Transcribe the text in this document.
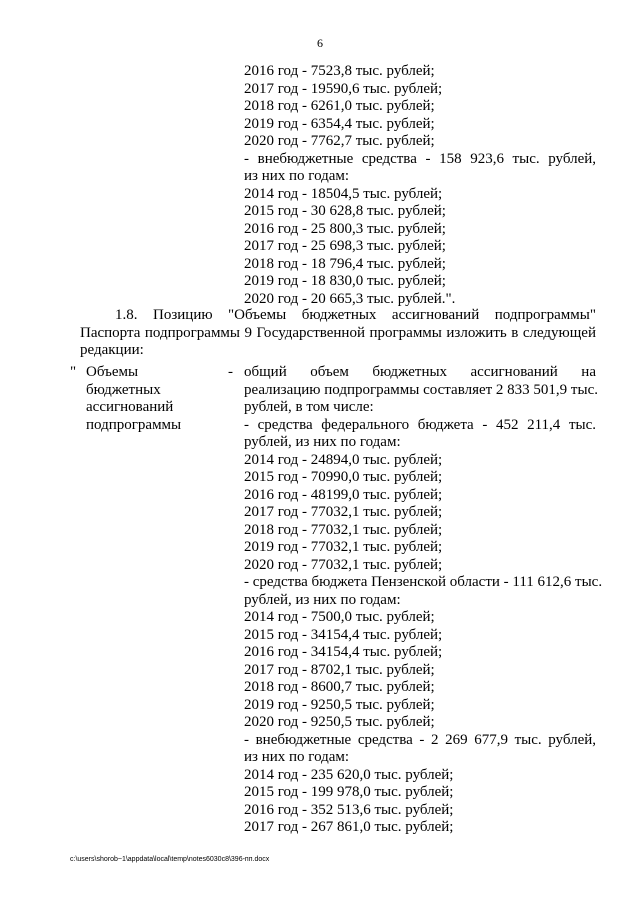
6
2016 год - 7523,8 тыс. рублей;
2017 год - 19590,6 тыс. рублей;
2018 год - 6261,0 тыс. рублей;
2019 год - 6354,4 тыс. рублей;
2020 год - 7762,7 тыс. рублей;
- внебюджетные средства - 158 923,6 тыс. рублей,
из них по годам:
2014 год - 18504,5 тыс. рублей;
2015 год - 30 628,8 тыс. рублей;
2016 год - 25 800,3 тыс. рублей;
2017 год - 25 698,3 тыс. рублей;
2018 год - 18 796,4 тыс. рублей;
2019 год - 18 830,0 тыс. рублей;
2020 год - 20 665,3 тыс. рублей.".
1.8. Позицию "Объемы бюджетных ассигнований подпрограммы"
Паспорта подпрограммы 9 Государственной программы изложить в следующей
редакции:
" Объемы
бюджетных
ассигнований
подпрограммы
- общий объем бюджетных ассигнований на
реализацию подпрограммы составляет 2 833 501,9 тыс.
рублей, в том числе:
- средства федерального бюджета - 452 211,4 тыс.
рублей, из них по годам:
2014 год - 24894,0 тыс. рублей;
2015 год - 70990,0 тыс. рублей;
2016 год - 48199,0 тыс. рублей;
2017 год - 77032,1 тыс. рублей;
2018 год - 77032,1 тыс. рублей;
2019 год - 77032,1 тыс. рублей;
2020 год - 77032,1 тыс. рублей;
- средства бюджета Пензенской области - 111 612,6 тыс.
рублей, из них по годам:
2014 год - 7500,0 тыс. рублей;
2015 год - 34154,4 тыс. рублей;
2016 год - 34154,4 тыс. рублей;
2017 год - 8702,1 тыс. рублей;
2018 год - 8600,7 тыс. рублей;
2019 год - 9250,5 тыс. рублей;
2020 год - 9250,5 тыс. рублей;
- внебюджетные средства - 2 269 677,9 тыс. рублей,
из них по годам:
2014 год - 235 620,0 тыс. рублей;
2015 год - 199 978,0 тыс. рублей;
2016 год - 352 513,6 тыс. рублей;
2017 год - 267 861,0 тыс. рублей;
c:\users\shorob~1\appdata\local\temp\notes6030c8\396-пп.docx
